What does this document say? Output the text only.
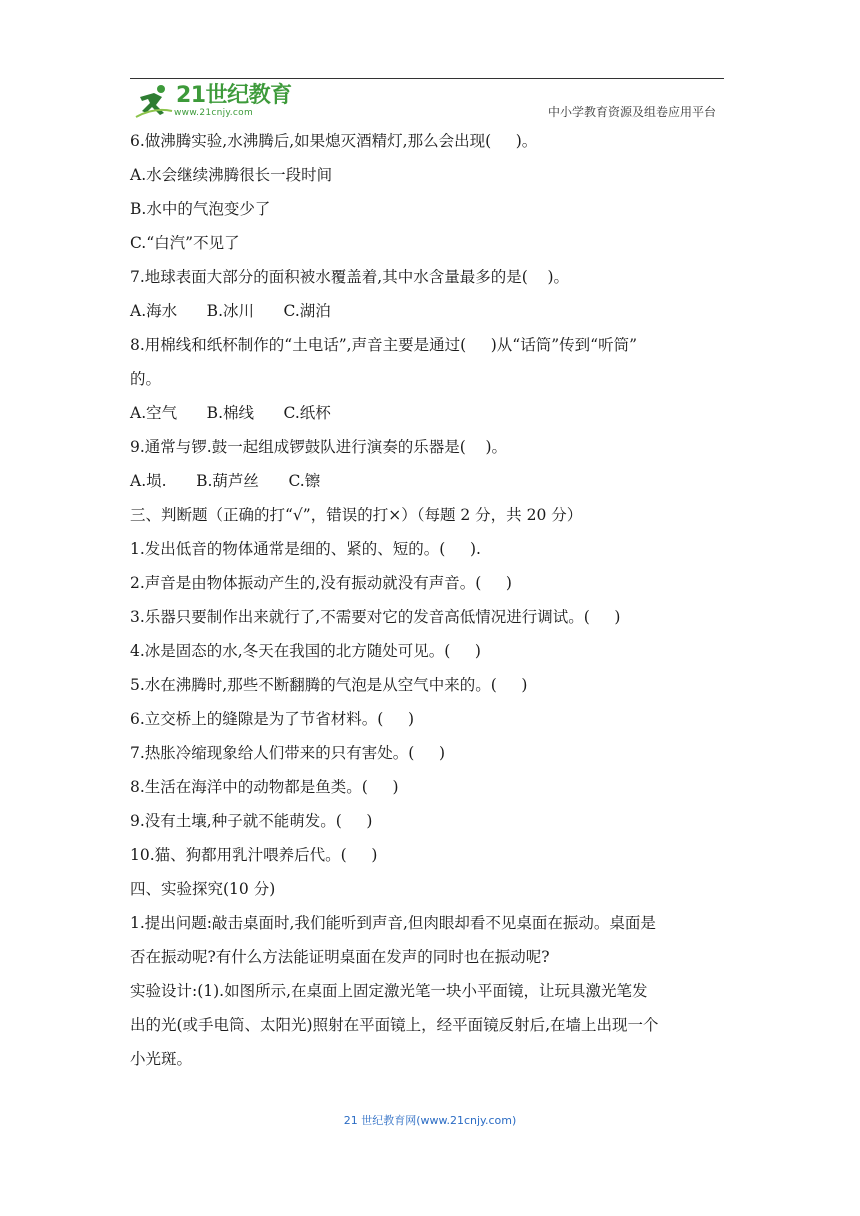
21世纪教育
www.21cnjy.com	中小学教育资源及组卷应用平台

6.做沸腾实验,水沸腾后,如果熄灭酒精灯,那么会出现(     )。

A.水会继续沸腾很长一段时间

B.水中的气泡变少了

C.“白汽”不见了

7.地球表面大部分的面积被水覆盖着,其中水含量最多的是(    )。

A.海水      B.冰川      C.湖泊

8.用棉线和纸杯制作的“土电话”,声音主要是通过(     )从“话筒”传到“听筒”

的。

A.空气      B.棉线      C.纸杯

9.通常与锣.鼓一起组成锣鼓队进行演奏的乐器是(    )。

A.埙.      B.葫芦丝      C.镲

三、判断题（正确的打“√”，错误的打×）（每题 2 分，共 20 分）

1.发出低音的物体通常是细的、紧的、短的。(     ).

2.声音是由物体振动产生的,没有振动就没有声音。(     )

3.乐器只要制作出来就行了,不需要对它的发音高低情况进行调试。(     )

4.冰是固态的水,冬天在我国的北方随处可见。(     )

5.水在沸腾时,那些不断翻腾的气泡是从空气中来的。(     )

6.立交桥上的缝隙是为了节省材料。(     )

7.热胀冷缩现象给人们带来的只有害处。(     )

8.生活在海洋中的动物都是鱼类。(     )

9.没有土壤,种子就不能萌发。(     )

10.猫、狗都用乳汁喂养后代。(     )

四、实验探究(10 分)

1.提出问题:敲击桌面时,我们能听到声音,但肉眼却看不见桌面在振动。桌面是

否在振动呢?有什么方法能证明桌面在发声的同时也在振动呢?

实验设计:(1).如图所示,在桌面上固定激光笔一块小平面镜，让玩具激光笔发

出的光(或手电筒、太阳光)照射在平面镜上，经平面镜反射后,在墙上出现一个

小光斑。

21 世纪教育网(www.21cnjy.com)
